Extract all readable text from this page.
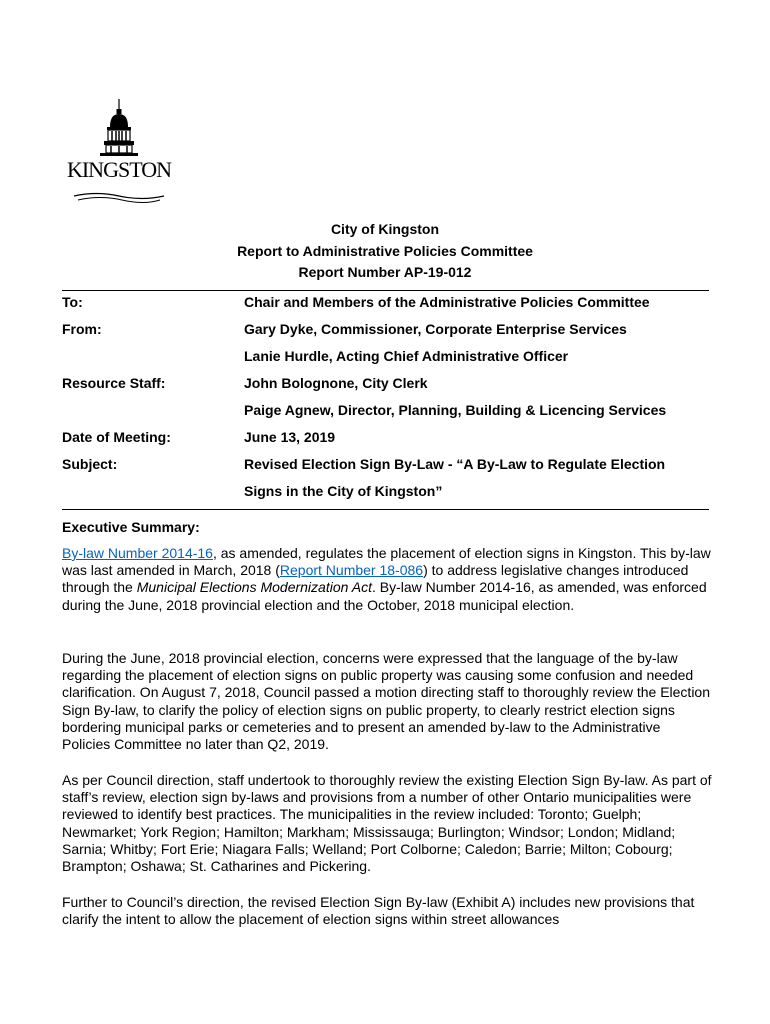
KINGSTON
City of Kingston
Report to Administrative Policies Committee
Report Number AP-19-012
To:	Chair and Members of the Administrative Policies Committee
From:	Gary Dyke, Commissioner, Corporate Enterprise Services
Lanie Hurdle, Acting Chief Administrative Officer
Resource Staff:	John Bolognone, City Clerk
Paige Agnew, Director, Planning, Building & Licencing Services
Date of Meeting:	June 13, 2019
Subject:	Revised Election Sign By-Law - “A By-Law to Regulate Election
Signs in the City of Kingston”
Executive Summary:
By-law Number 2014-16, as amended, regulates the placement of election signs in Kingston. This by-law was last amended in March, 2018 (Report Number 18-086) to address legislative changes introduced through the Municipal Elections Modernization Act. By-law Number 2014-16, as amended, was enforced during the June, 2018 provincial election and the October, 2018 municipal election.
During the June, 2018 provincial election, concerns were expressed that the language of the by-law regarding the placement of election signs on public property was causing some confusion and needed clarification. On August 7, 2018, Council passed a motion directing staff to thoroughly review the Election Sign By-law, to clarify the policy of election signs on public property, to clearly restrict election signs bordering municipal parks or cemeteries and to present an amended by-law to the Administrative Policies Committee no later than Q2, 2019.
As per Council direction, staff undertook to thoroughly review the existing Election Sign By-law. As part of staff’s review, election sign by-laws and provisions from a number of other Ontario municipalities were reviewed to identify best practices. The municipalities in the review included: Toronto; Guelph; Newmarket; York Region; Hamilton; Markham; Mississauga; Burlington; Windsor; London; Midland; Sarnia; Whitby; Fort Erie; Niagara Falls; Welland; Port Colborne; Caledon; Barrie; Milton; Cobourg; Brampton; Oshawa; St. Catharines and Pickering.
Further to Council’s direction, the revised Election Sign By-law (Exhibit A) includes new provisions that clarify the intent to allow the placement of election signs within street allowances
